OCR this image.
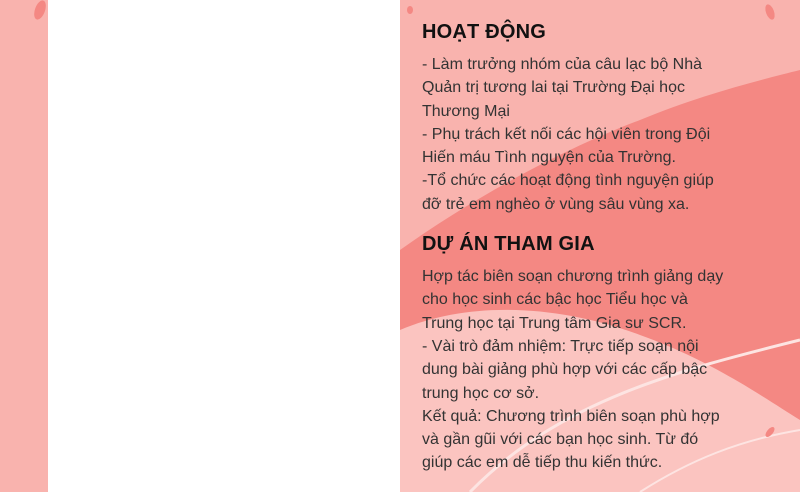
HOẠT ĐỘNG

- Làm trưởng nhóm của câu lạc bộ Nhà
Quản trị tương lai tại Trường Đại học
Thương Mại
- Phụ trách kết nối các hội viên trong Đội
Hiến máu Tình nguyện của Trường.
-Tổ chức các hoạt động tình nguyện giúp
đỡ trẻ em nghèo ở vùng sâu vùng xa.

DỰ ÁN THAM GIA

Hợp tác biên soạn chương trình giảng dạy
cho học sinh các bậc học Tiểu học và
Trung học tại Trung tâm Gia sư SCR.
- Vài trò đảm nhiệm: Trực tiếp soạn nội
dung bài giảng phù hợp với các cấp bậc
trung học cơ sở.
Kết quả: Chương trình biên soạn phù hợp
và gần gũi với các bạn học sinh. Từ đó
giúp các em dễ tiếp thu kiến thức.
